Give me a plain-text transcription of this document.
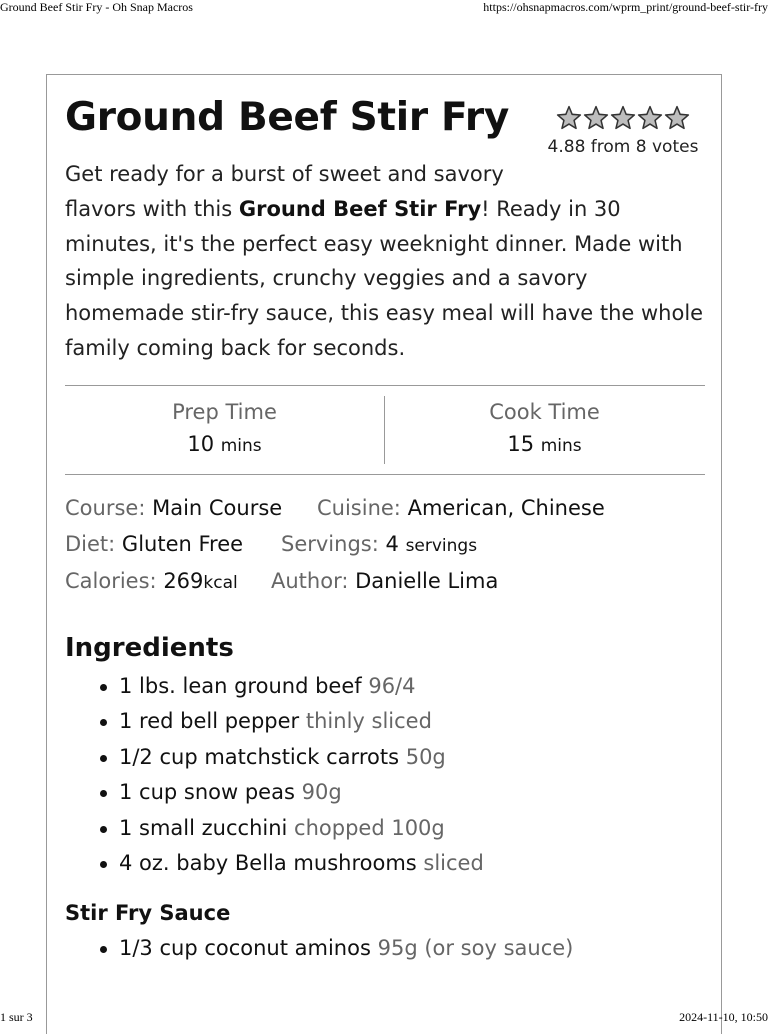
Ground Beef Stir Fry - Oh Snap Macros	https://ohsnapmacros.com/wprm_print/ground-beef-stir-fry
Ground Beef Stir Fry
4.88 from 8 votes

Get ready for a burst of sweet and savory
flavors with this Ground Beef Stir Fry! Ready in 30 minutes, it's the perfect easy weeknight dinner. Made with simple ingredients, crunchy veggies and a savory homemade stir-fry sauce, this easy meal will have the whole family coming back for seconds.

Prep Time
10 mins
Cook Time
15 mins
Course: Main Course Cuisine: American, Chinese
Diet: Gluten Free Servings: 4 servings
Calories: 269kcal Author: Danielle Lima
Ingredients
1 lbs. lean ground beef 96/4
1 red bell pepper thinly sliced
1/2 cup matchstick carrots 50g
1 cup snow peas 90g
1 small zucchini chopped 100g
4 oz. baby Bella mushrooms sliced
Stir Fry Sauce
1/3 cup coconut aminos 95g (or soy sauce)
1 sur 3	2024-11-10, 10:50
